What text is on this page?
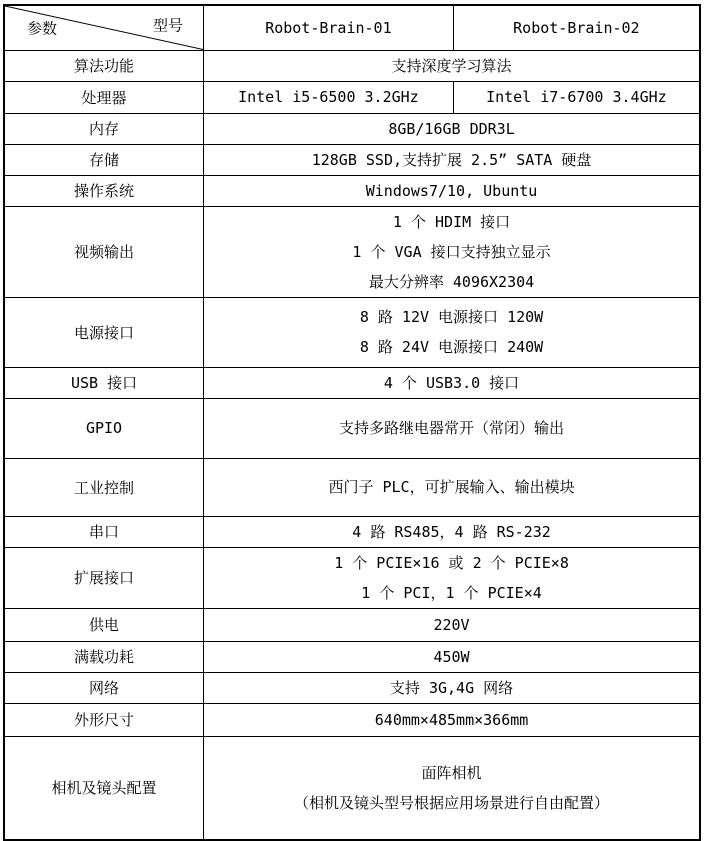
参数 型号	Robot-Brain-01	Robot-Brain-02
算法功能	支持深度学习算法	

处理器	Intel i5-6500 3.2GHz	Intel i7-6700 3.4GHz

内存	8GB/16GB DDR3L	

存储	128GB SSD,支持扩展 2.5” SATA 硬盘	

操作系统	Windows7/10, Ubuntu	

视频输出	1 个 HDIM 接口
1 个 VGA 接口支持独立显示
最大分辨率 4096X2304	

电源接口	8 路 12V 电源接口 120W
8 路 24V 电源接口 240W	

USB 接口	4 个 USB3.0 接口	

GPIO	支持多路继电器常开（常闭）输出	

工业控制	西门子 PLC，可扩展输入、输出模块	

串口	4 路 RS485，4 路 RS-232	

扩展接口	1 个 PCIE×16 或 2 个 PCIE×8
1 个 PCI，1 个 PCIE×4	

供电	220V	

满载功耗	450W	

网络	支持 3G,4G 网络	

外形尺寸	640mm×485mm×366mm	

相机及镜头配置	面阵相机
（相机及镜头型号根据应用场景进行自由配置）	
